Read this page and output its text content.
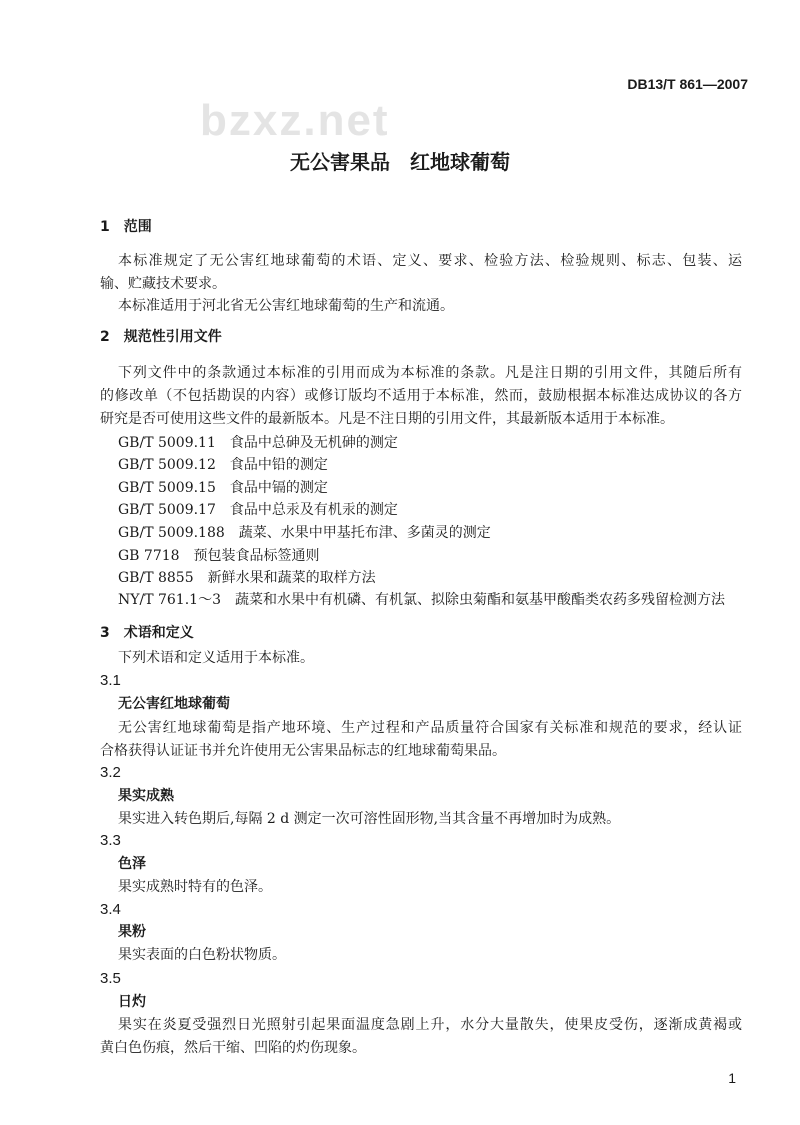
DB13/T 861—2007
bzxz.net
无公害果品　红地球葡萄
1　范围
本标准规定了无公害红地球葡萄的术语、定义、要求、检验方法、检验规则、标志、包装、运
输、贮藏技术要求。
本标准适用于河北省无公害红地球葡萄的生产和流通。
2　规范性引用文件
下列文件中的条款通过本标准的引用而成为本标准的条款。凡是注日期的引用文件，其随后所有
的修改单（不包括勘误的内容）或修订版均不适用于本标准，然而，鼓励根据本标准达成协议的各方
研究是否可使用这些文件的最新版本。凡是不注日期的引用文件，其最新版本适用于本标准。
GB/T 5009.11　食品中总砷及无机砷的测定
GB/T 5009.12　食品中铅的测定
GB/T 5009.15　食品中镉的测定
GB/T 5009.17　食品中总汞及有机汞的测定
GB/T 5009.188　蔬菜、水果中甲基托布津、多菌灵的测定
GB 7718　预包装食品标签通则
GB/T 8855　新鲜水果和蔬菜的取样方法
NY/T 761.1～3　蔬菜和水果中有机磷、有机氯、拟除虫菊酯和氨基甲酸酯类农药多残留检测方法
3　术语和定义
下列术语和定义适用于本标准。
3.1
无公害红地球葡萄
无公害红地球葡萄是指产地环境、生产过程和产品质量符合国家有关标准和规范的要求，经认证
合格获得认证证书并允许使用无公害果品标志的红地球葡萄果品。
3.2
果实成熟
果实进入转色期后,每隔 2 d 测定一次可溶性固形物,当其含量不再增加时为成熟。
3.3
色泽
果实成熟时特有的色泽。
3.4
果粉
果实表面的白色粉状物质。
3.5
日灼
果实在炎夏受强烈日光照射引起果面温度急剧上升，水分大量散失，使果皮受伤，逐渐成黄褐或
黄白色伤痕，然后干缩、凹陷的灼伤现象。
1
